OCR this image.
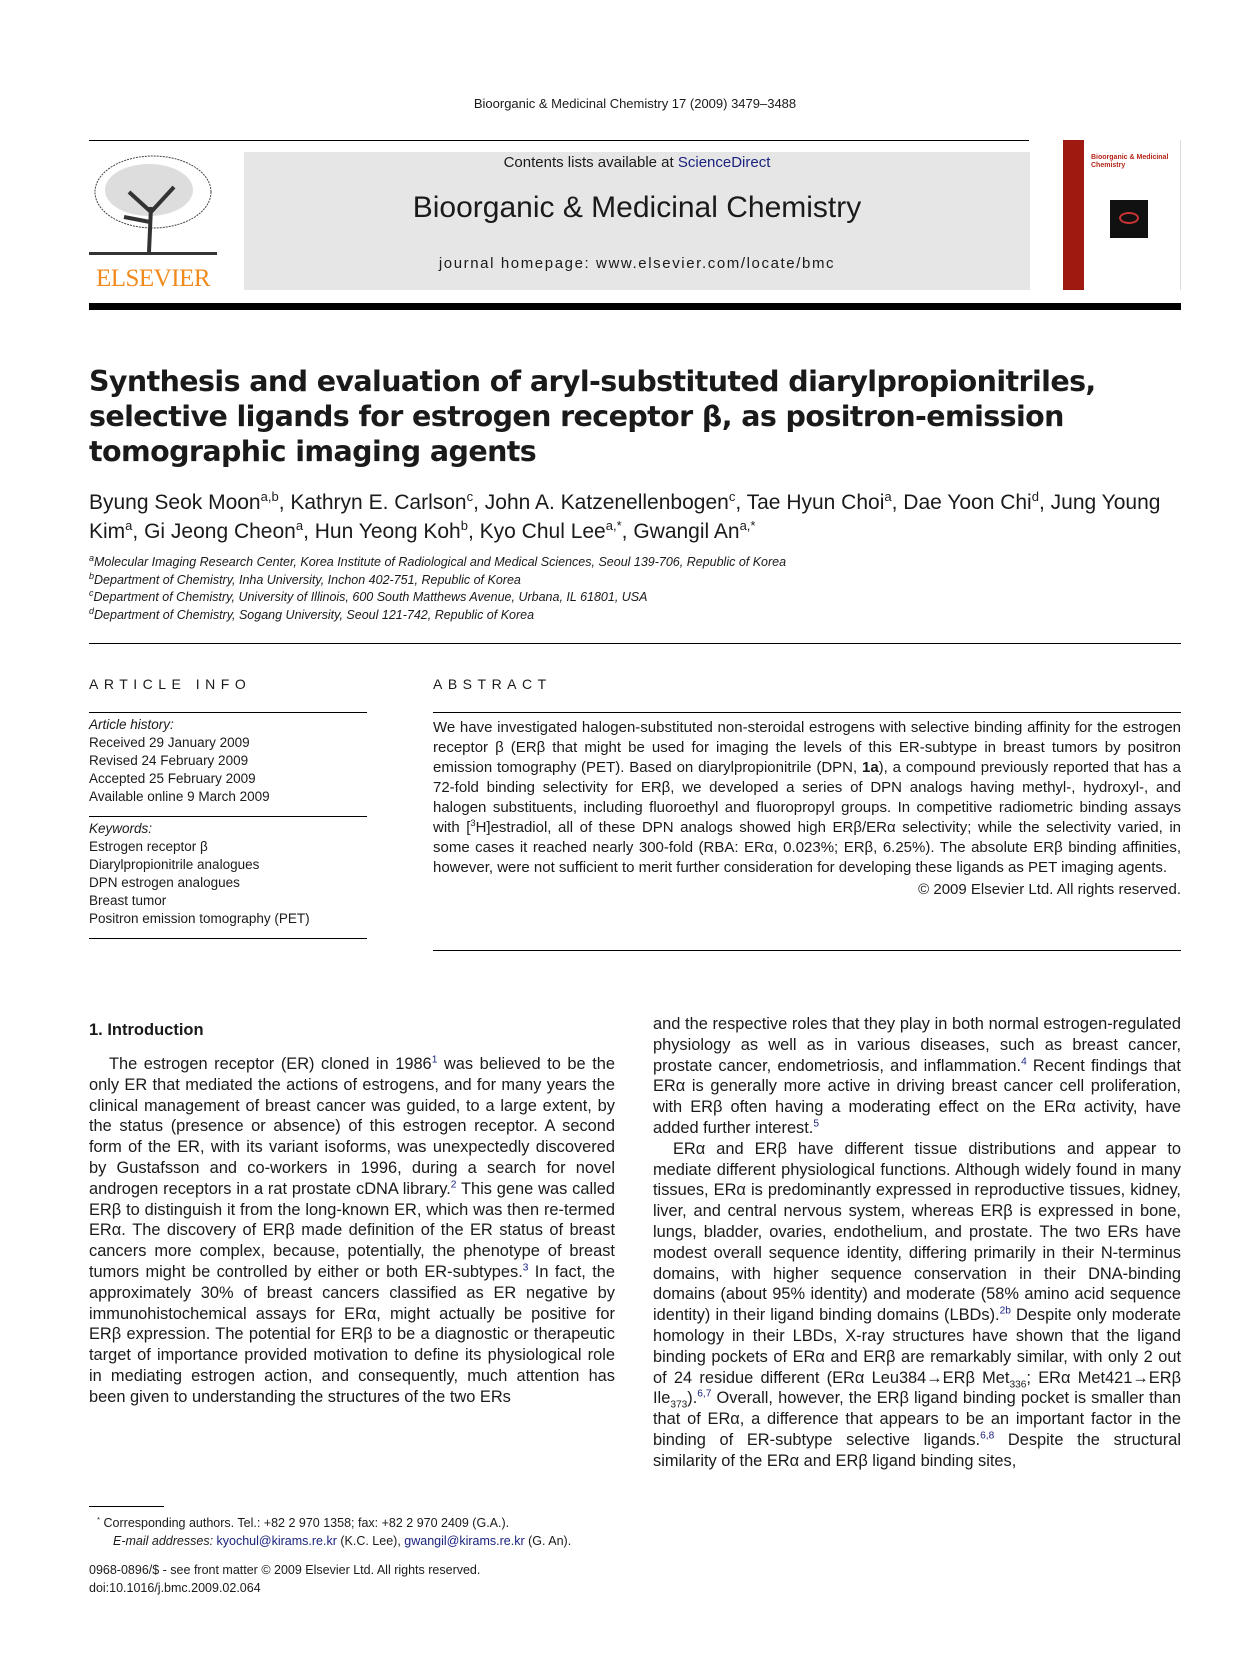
Bioorganic & Medicinal Chemistry 17 (2009) 3479–3488
ELSEVIER
Contents lists available at ScienceDirect
Bioorganic & Medicinal Chemistry
journal homepage: www.elsevier.com/locate/bmc
Bioorganic & Medicinal Chemistry
Synthesis and evaluation of aryl-substituted diarylpropionitriles, selective ligands for estrogen receptor β, as positron-emission tomographic imaging agents
Byung Seok Moon$^{a,b}$, Kathryn E. Carlson$^c$, John A. Katzenellenbogen$^c$, Tae Hyun Choi$^a$, Dae Yoon Chi$^d$, Jung Young Kim$^a$, Gi Jeong Cheon$^a$, Hun Yeong Koh$^b$, Kyo Chul Lee$^{a,*}$, Gwangil $An^{a,*}$
$^a$Molecular Imaging Research Center, Korea Institute of Radiological and Medical Sciences, Seoul 139-706, Republic of Korea
$^b$Department of Chemistry, Inha University, Inchon 402-751, Republic of Korea
$^c$Department of Chemistry, University of Illinois, 600 South Matthews Avenue, Urbana, IL 61801, USA
$^d$Department of Chemistry, Sogang University, Seoul 121-742, Republic of Korea
ARTICLE INFO	ABSTRACT
Article history:
Received 29 January 2009
Revised 24 February 2009
Accepted 25 February 2009
Available online 9 March 2009
Keywords:
Estrogen receptor β
Diarylpropionitrile analogues
DPN estrogen analogues
Breast tumor
Positron emission tomography (PET)
We have investigated halogen-substituted non-steroidal estrogens with selective binding affinity for the estrogen receptor β (ERβ that might be used for imaging the levels of this ER-subtype in breast tumors by positron emission tomography (PET). Based on diarylpropionitrile (DPN, 1a), a compound previously reported that has a 72-fold binding selectivity for ERβ, we developed a series of DPN analogs having methyl-, hydroxyl-, and halogen substituents, including fluoroethyl and fluoropropyl groups. In competitive radiometric binding assays with [$^3$H]estradiol, all of these DPN analogs showed high ERβ/ERα selectivity; while the selectivity varied, in some cases it reached nearly 300-fold (RBA: ERα, 0.023%; ERβ, 6.25%). The absolute ERβ binding affinities, however, were not sufficient to merit further consideration for developing these ligands as PET imaging agents.
© 2009 Elsevier Ltd. All rights reserved.
1. Introduction

The estrogen receptor (ER) cloned in 1986$^1$ was believed to be the only ER that mediated the actions of estrogens, and for many years the clinical management of breast cancer was guided, to a large extent, by the status (presence or absence) of this estrogen receptor. A second form of the ER, with its variant isoforms, was unexpectedly discovered by Gustafsson and co-workers in 1996, during a search for novel androgen receptors in a rat prostate cDNA library.$^2$ This gene was called ERβ to distinguish it from the long-known ER, which was then re-termed ERα. The discovery of ERβ made definition of the ER status of breast cancers more complex, because, potentially, the phenotype of breast tumors might be controlled by either or both ER-subtypes.$^3$ In fact, the approximately 30% of breast cancers classified as ER negative by immunohistochemical assays for ERα, might actually be positive for ERβ expression. The potential for ERβ to be a diagnostic or therapeutic target of importance provided motivation to define its physiological role in mediating estrogen action, and consequently, much attention has been given to understanding the structures of the two ERs

and the respective roles that they play in both normal estrogen-regulated physiology as well as in various diseases, such as breast cancer, prostate cancer, endometriosis, and inflammation.$^4$ Recent findings that ERα is generally more active in driving breast cancer cell proliferation, with ERβ often having a moderating effect on the ERα activity, have added further interest.$^5$

ERα and ERβ have different tissue distributions and appear to mediate different physiological functions. Although widely found in many tissues, ERα is predominantly expressed in reproductive tissues, kidney, liver, and central nervous system, whereas ERβ is expressed in bone, lungs, bladder, ovaries, endothelium, and prostate. The two ERs have modest overall sequence identity, differing primarily in their N-terminus domains, with higher sequence conservation in their DNA-binding domains (about 95% identity) and moderate (58% amino acid sequence identity) in their ligand binding domains (LBDs).$^{2b}$ Despite only moderate homology in their LBDs, X-ray structures have shown that the ligand binding pockets of ERα and ERβ are remarkably similar, with only 2 out of 24 residue different (ERα Leu384→ERβ Met$_{336}$; ERα Met421→ERβ Ile$_{373}$).$^{6,7}$ Overall, however, the ERβ ligand binding pocket is smaller than that of ERα, a difference that appears to be an important factor in the binding of ER-subtype selective ligands.$^{6,8}$ Despite the structural similarity of the ERα and ERβ ligand binding sites,

* Corresponding authors. Tel.: +82 2 970 1358; fax: +82 2 970 2409 (G.A.).
E-mail addresses: kyochul@kirams.re.kr (K.C. Lee), gwangil@kirams.re.kr (G. An).
0968-0896/$ - see front matter © 2009 Elsevier Ltd. All rights reserved.
doi:10.1016/j.bmc.2009.02.064
